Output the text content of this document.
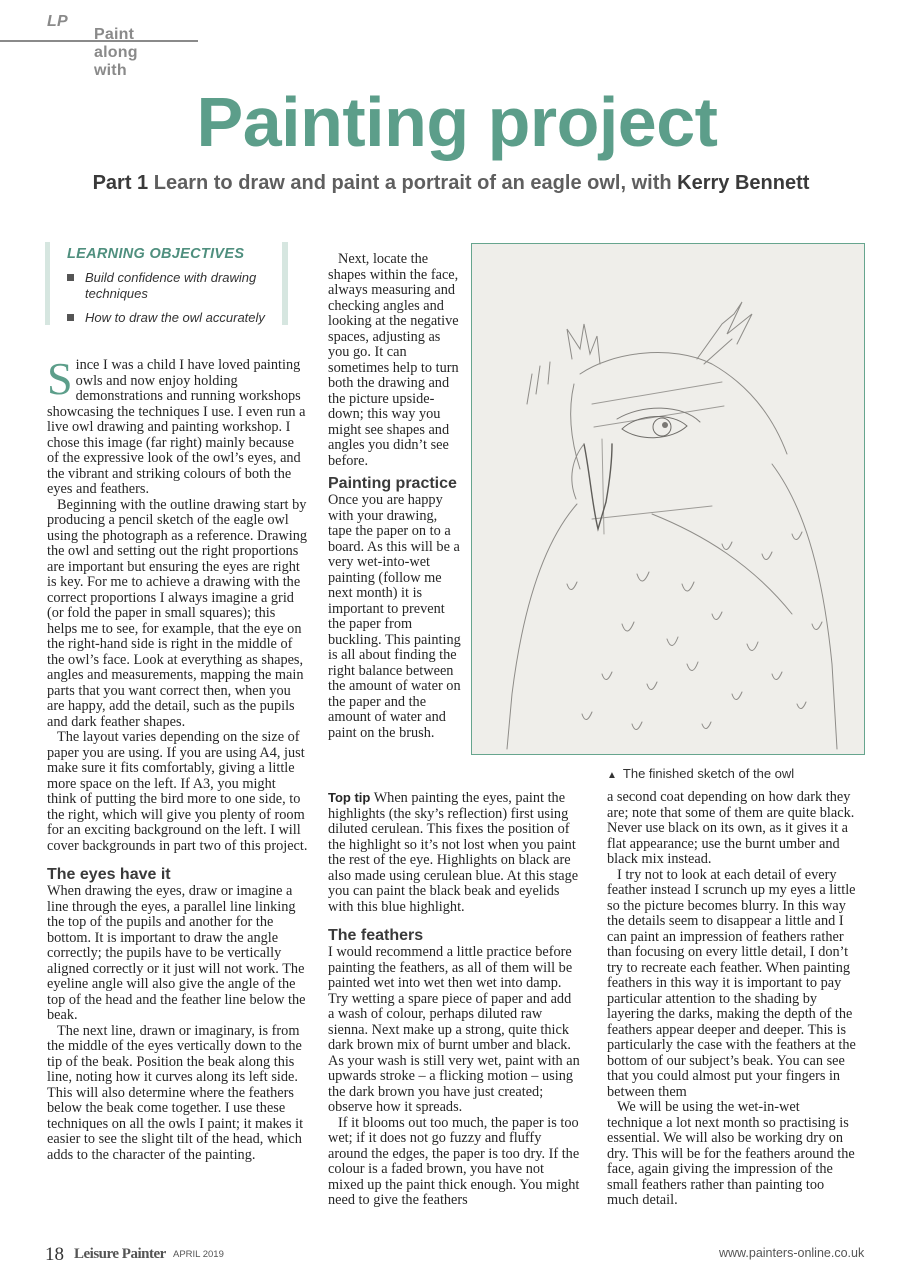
Paint along with
LP
Painting project
Part 1 Learn to draw and paint a portrait of an eagle owl, with Kerry Bennett
LEARNING OBJECTIVES
Build confidence with drawing techniques
How to draw the owl accurately

Since I was a child I have loved painting owls and now enjoy holding demonstrations and running workshops showcasing the techniques I use. I even run a live owl drawing and painting workshop. I chose this image (far right) mainly because of the expressive look of the owl’s eyes, and the vibrant and striking colours of both the eyes and feathers.

Beginning with the outline drawing start by producing a pencil sketch of the eagle owl using the photograph as a reference. Drawing the owl and setting out the right proportions are important but ensuring the eyes are right is key. For me to achieve a drawing with the correct proportions I always imagine a grid (or fold the paper in small squares); this helps me to see, for example, that the eye on the right-hand side is right in the middle of the owl’s face. Look at everything as shapes, angles and measurements, mapping the main parts that you want correct then, when you are happy, add the detail, such as the pupils and dark feather shapes.

The layout varies depending on the size of paper you are using. If you are using A4, just make sure it fits comfortably, giving a little more space on the left. If A3, you might think of putting the bird more to one side, to the right, which will give you plenty of room for an exciting background on the left. I will cover backgrounds in part two of this project.

The eyes have it

When drawing the eyes, draw or imagine a line through the eyes, a parallel line linking the top of the pupils and another for the bottom. It is important to draw the angle correctly; the pupils have to be vertically aligned correctly or it just will not work. The eyeline angle will also give the angle of the top of the head and the feather line below the beak.

The next line, drawn or imaginary, is from the middle of the eyes vertically down to the tip of the beak. Position the beak along this line, noting how it curves along its left side. This will also determine where the feathers below the beak come together. I use these techniques on all the owls I paint; it makes it easier to see the slight tilt of the head, which adds to the character of the painting.

Next, locate the shapes within the face, always measuring and checking angles and looking at the negative spaces, adjusting as you go. It can sometimes help to turn both the drawing and the picture upside-down; this way you might see shapes and angles you didn’t see before.

Painting practice

Once you are happy with your drawing, tape the paper on to a board. As this will be a very wet-into-wet painting (follow me next month) it is important to prevent the paper from buckling. This painting is all about finding the right balance between the amount of water on the paper and the amount of water and paint on the brush.

Top tip When painting the eyes, paint the highlights (the sky’s reflection) first using diluted cerulean. This fixes the position of the highlight so it’s not lost when you paint the rest of the eye. Highlights on black are also made using cerulean blue. At this stage you can paint the black beak and eyelids with this blue highlight.

The feathers

I would recommend a little practice before painting the feathers, as all of them will be painted wet into wet then wet into damp. Try wetting a spare piece of paper and add a wash of colour, perhaps diluted raw sienna. Next make up a strong, quite thick dark brown mix of burnt umber and black. As your wash is still very wet, paint with an upwards stroke – a flicking motion – using the dark brown you have just created; observe how it spreads.

If it blooms out too much, the paper is too wet; if it does not go fuzzy and fluffy around the edges, the paper is too dry. If the colour is a faded brown, you have not mixed up the paint thick enough. You might need to give the feathers

▲ The finished sketch of the owl

a second coat depending on how dark they are; note that some of them are quite black. Never use black on its own, as it gives it a flat appearance; use the burnt umber and black mix instead.

I try not to look at each detail of every feather instead I scrunch up my eyes a little so the picture becomes blurry. In this way the details seem to disappear a little and I can paint an impression of feathers rather than focusing on every little detail, I don’t try to recreate each feather. When painting feathers in this way it is important to pay particular attention to the shading by layering the darks, making the depth of the feathers appear deeper and deeper. This is particularly the case with the feathers at the bottom of our subject’s beak. You can see that you could almost put your fingers in between them

We will be using the wet-in-wet technique a lot next month so practising is essential. We will also be working dry on dry. This will be for the feathers around the face, again giving the impression of the small feathers rather than painting too much detail.

18 Leisure Painter APRIL 2019	www.painters-online.co.uk
